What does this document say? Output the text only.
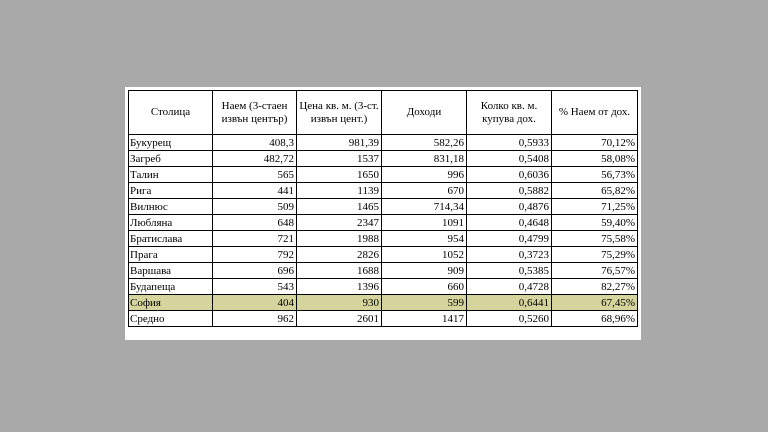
Столица	Наем (3-стаен извън център)	Цена кв. м. (3-ст. извън цент.)	Доходи	Колко кв. м. купува дох.	% Наем от дох.
Букурещ	408,3	981,39	582,26	0,5933	70,12%
Загреб	482,72	1537	831,18	0,5408	58,08%
Талин	565	1650	996	0,6036	56,73%
Рига	441	1139	670	0,5882	65,82%
Вилнюс	509	1465	714,34	0,4876	71,25%
Любляна	648	2347	1091	0,4648	59,40%
Братислава	721	1988	954	0,4799	75,58%
Прага	792	2826	1052	0,3723	75,29%
Варшава	696	1688	909	0,5385	76,57%
Будапеща	543	1396	660	0,4728	82,27%
София	404	930	599	0,6441	67,45%
Средно	962	2601	1417	0,5260	68,96%
